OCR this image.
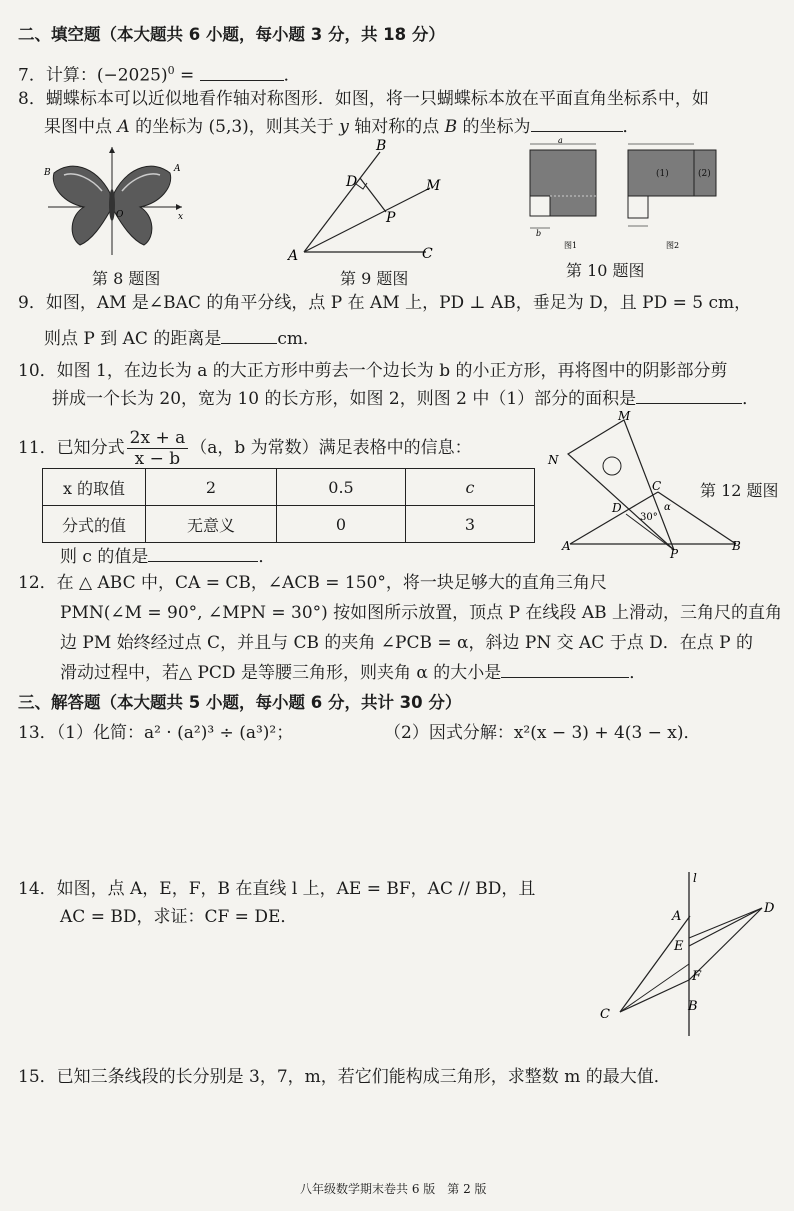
二、填空题（本大题共 6 小题，每小题 3 分，共 18 分）
7．计算：$(-2025)^0$ =	．
8．蝴蝶标本可以近似地看作轴对称图形．如图，将一只蝴蝶标本放在平面直角坐标系中，如
果图中点 A 的坐标为 (5,3)，则其关于 y 轴对称的点 B 的坐标为	．
B	A
O	x
第 8 题图
A
B
C
D	M
P
第 9 题图
a
b
图1
(1)	(2)
图2
第 10 题图
9．如图，AM 是∠BAC 的角平分线，点 P 在 AM 上，PD ⊥ AB，垂足为 D，且 PD = 5 cm，
则点 P 到 AC 的距离是	cm．
10．如图 1，在边长为 a 的大正方形中剪去一个边长为 b 的小正方形，再将图中的阴影部分剪
拼成一个长为 20，宽为 10 的长方形，如图 2，则图 2 中（1）部分的面积是	．
11．已知分式 $\frac{2x + a}{x - b} (a$，b 为常数）满足表格中的信息：
x 的取值	2	0.5	c
分式的值	无意义	0	3
则 c 的值是	．
M
N
C
D
A
P
B
30°
α
第 12 题图
12．在 △ ABC 中，CA = CB，∠ACB = 150°，将一块足够大的直角三角尺
PMN(∠M = 90°, ∠MPN = 30°) 按如图所示放置，顶点 P 在线段 AB 上滑动，三角尺的直角
边 PM 始终经过点 C，并且与 CB 的夹角 ∠PCB = α，斜边 PN 交 AC 于点 D．在点 P 的
滑动过程中，若△ PCD 是等腰三角形，则夹角 α 的大小是	．
三、解答题（本大题共 5 小题，每小题 6 分，共计 30 分）
13．（1）化简：a² · (a²)³ ÷ (a³)²；	（2）因式分解：x²(x − 3) + 4(3 − x)．
14．如图，点 A，E，F，B 在直线 l 上，AE = BF，AC // BD，且
AC = BD，求证：CF = DE．
l
A
E
F
B
C
D
15．已知三条线段的长分别是 3，7，m，若它们能构成三角形，求整数 m 的最大值．
八年级数学期末卷共 6 版　第 2 版
